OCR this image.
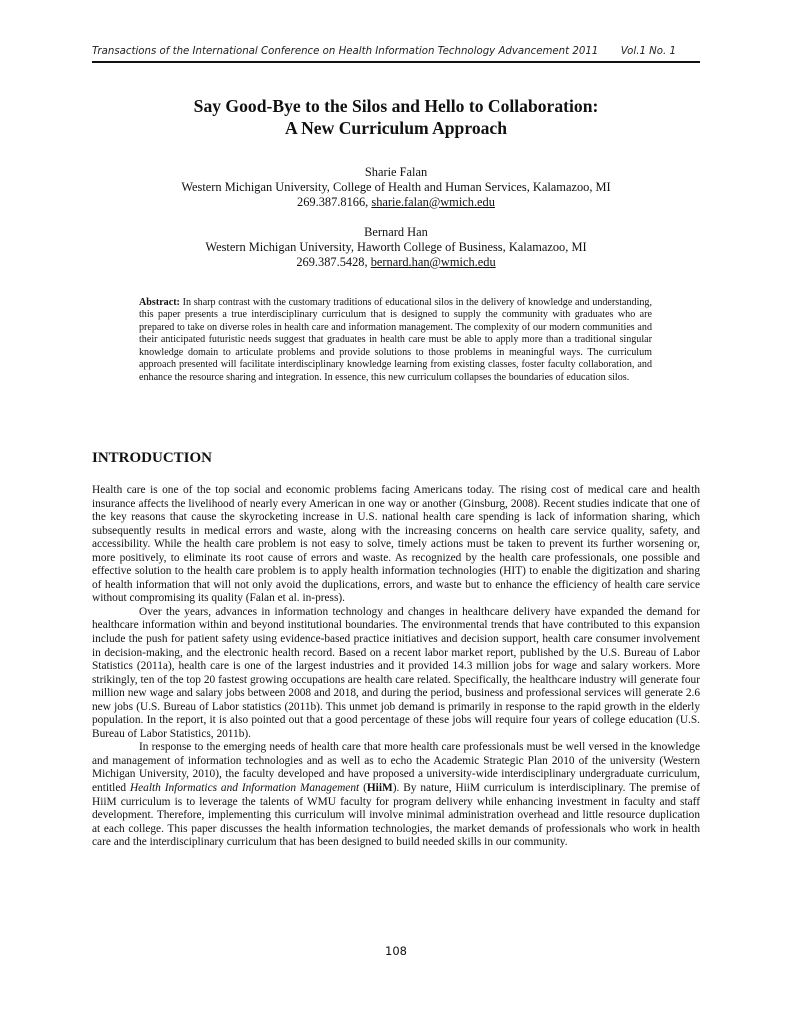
Transactions of the International Conference on Health Information Technology Advancement 2011 Vol.1 No. 1
Say Good-Bye to the Silos and Hello to Collaboration:
A New Curriculum Approach
Sharie Falan
Western Michigan University, College of Health and Human Services, Kalamazoo, MI
269.387.8166, sharie.falan@wmich.edu
Bernard Han
Western Michigan University, Haworth College of Business, Kalamazoo, MI
269.387.5428, bernard.han@wmich.edu
Abstract: In sharp contrast with the customary traditions of educational silos in the delivery of knowledge and understanding, this paper presents a true interdisciplinary curriculum that is designed to supply the community with graduates who are prepared to take on diverse roles in health care and information management. The complexity of our modern communities and their anticipated futuristic needs suggest that graduates in health care must be able to apply more than a traditional singular knowledge domain to articulate problems and provide solutions to those problems in meaningful ways. The curriculum approach presented will facilitate interdisciplinary knowledge learning from existing classes, foster faculty collaboration, and enhance the resource sharing and integration. In essence, this new curriculum collapses the boundaries of education silos.
INTRODUCTION

Health care is one of the top social and economic problems facing Americans today. The rising cost of medical care and health insurance affects the livelihood of nearly every American in one way or another (Ginsburg, 2008). Recent studies indicate that one of the key reasons that cause the skyrocketing increase in U.S. national health care spending is lack of information sharing, which subsequently results in medical errors and waste, along with the increasing concerns on health care service quality, safety, and accessibility. While the health care problem is not easy to solve, timely actions must be taken to prevent its further worsening or, more positively, to eliminate its root cause of errors and waste. As recognized by the health care professionals, one possible and effective solution to the health care problem is to apply health information technologies (HIT) to enable the digitization and sharing of health information that will not only avoid the duplications, errors, and waste but to enhance the efficiency of health care service without compromising its quality (Falan et al. in-press).

Over the years, advances in information technology and changes in healthcare delivery have expanded the demand for healthcare information within and beyond institutional boundaries. The environmental trends that have contributed to this expansion include the push for patient safety using evidence-based practice initiatives and decision support, health care consumer involvement in decision-making, and the electronic health record. Based on a recent labor market report, published by the U.S. Bureau of Labor Statistics (2011a), health care is one of the largest industries and it provided 14.3 million jobs for wage and salary workers. More strikingly, ten of the top 20 fastest growing occupations are health care related. Specifically, the healthcare industry will generate four million new wage and salary jobs between 2008 and 2018, and during the period, business and professional services will generate 2.6 new jobs (U.S. Bureau of Labor statistics (2011b). This unmet job demand is primarily in response to the rapid growth in the elderly population. In the report, it is also pointed out that a good percentage of these jobs will require four years of college education (U.S. Bureau of Labor Statistics, 2011b).

In response to the emerging needs of health care that more health care professionals must be well versed in the knowledge and management of information technologies and as well as to echo the Academic Strategic Plan 2010 of the university (Western Michigan University, 2010), the faculty developed and have proposed a university-wide interdisciplinary undergraduate curriculum, entitled Health Informatics and Information Management (HiiM). By nature, HiiM curriculum is interdisciplinary. The premise of HiiM curriculum is to leverage the talents of WMU faculty for program delivery while enhancing investment in faculty and staff development. Therefore, implementing this curriculum will involve minimal administration overhead and little resource duplication at each college. This paper discusses the health information technologies, the market demands of professionals who work in health care and the interdisciplinary curriculum that has been designed to build needed skills in our community.

108
